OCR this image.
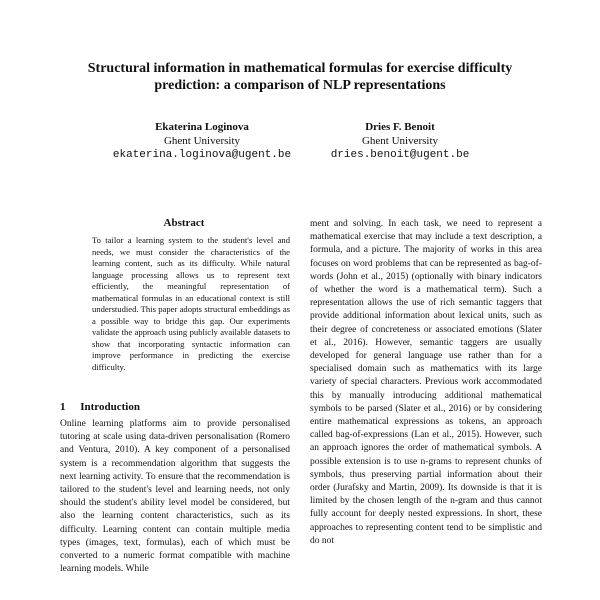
Structural information in mathematical formulas for exercise difficulty prediction: a comparison of NLP representations
Ekaterina Loginova
Ghent University
ekaterina.loginova@ugent.be
Dries F. Benoit
Ghent University
dries.benoit@ugent.be
Abstract

To tailor a learning system to the student's level and needs, we must consider the characteristics of the learning content, such as its difficulty. While natural language processing allows us to represent text efficiently, the meaningful representation of mathematical formulas in an educational context is still understudied. This paper adopts structural embeddings as a possible way to bridge this gap. Our experiments validate the approach using publicly available datasets to show that incorporating syntactic information can improve performance in predicting the exercise difficulty.

1 Introduction

Online learning platforms aim to provide personalised tutoring at scale using data-driven personalisation (Romero and Ventura, 2010). A key component of a personalised system is a recommendation algorithm that suggests the next learning activity. To ensure that the recommendation is tailored to the student's level and learning needs, not only should the student's ability level model be considered, but also the learning content characteristics, such as its difficulty. Learning content can contain multiple media types (images, text, formulas), each of which must be converted to a numeric format compatible with machine learning models. While

ment and solving. In each task, we need to represent a mathematical exercise that may include a text description, a formula, and a picture. The majority of works in this area focuses on word problems that can be represented as bag-of-words (John et al., 2015) (optionally with binary indicators of whether the word is a mathematical term). Such a representation allows the use of rich semantic taggers that provide additional information about lexical units, such as their degree of concreteness or associated emotions (Slater et al., 2016). However, semantic taggers are usually developed for general language use rather than for a specialised domain such as mathematics with its large variety of special characters. Previous work accommodated this by manually introducing additional mathematical symbols to be parsed (Slater et al., 2016) or by considering entire mathematical expressions as tokens, an approach called bag-of-expressions (Lan et al., 2015). However, such an approach ignores the order of mathematical symbols. A possible extension is to use n-grams to represent chunks of symbols, thus preserving partial information about their order (Jurafsky and Martin, 2009). Its downside is that it is limited by the chosen length of the n-gram and thus cannot fully account for deeply nested expressions. In short, these approaches to representing content tend to be simplistic and do not
